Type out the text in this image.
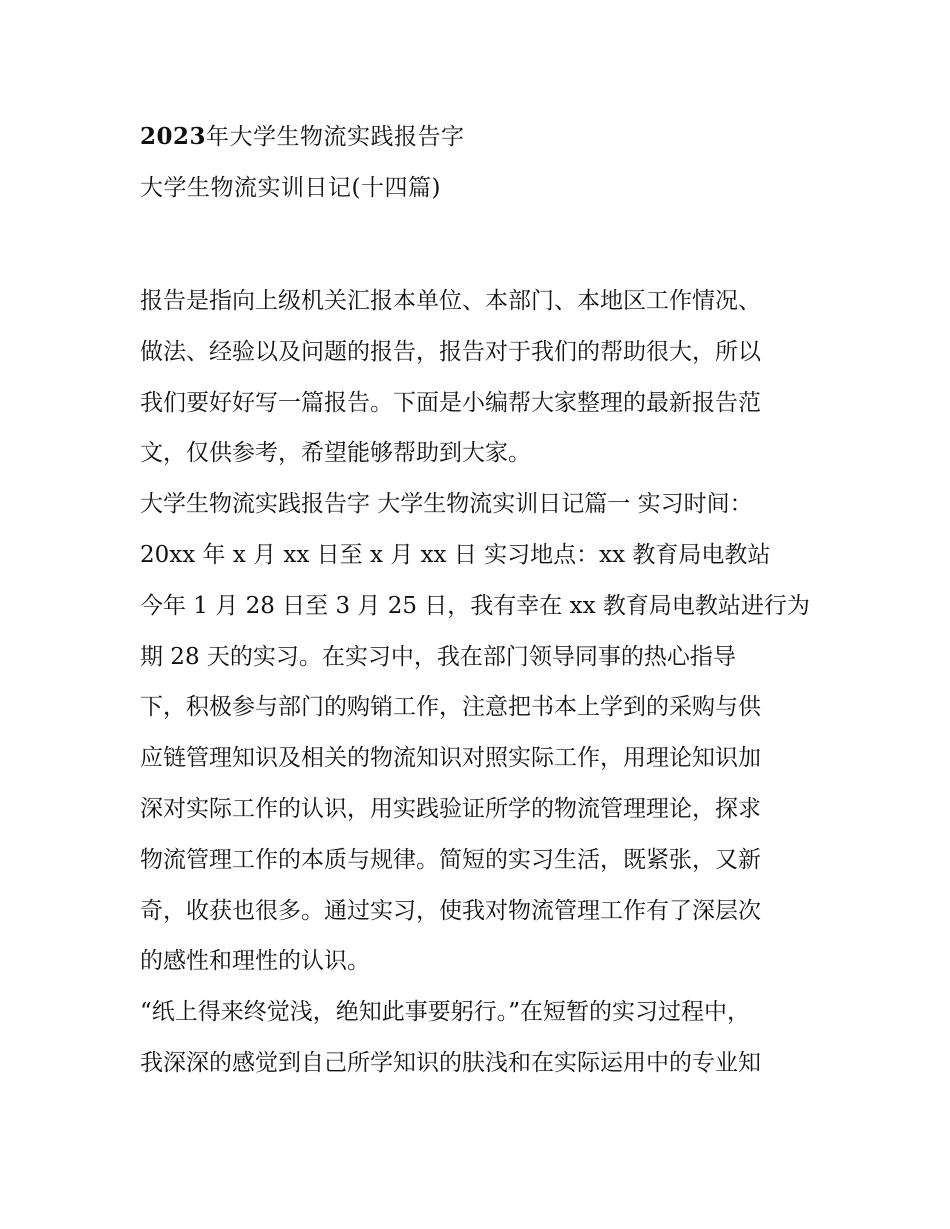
2023年大学生物流实践报告字
大学生物流实训日记(十四篇)
报告是指向上级机关汇报本单位、本部门、本地区工作情况、
做法、经验以及问题的报告，报告对于我们的帮助很大，所以
我们要好好写一篇报告。下面是小编帮大家整理的最新报告范
文，仅供参考，希望能够帮助到大家。
大学生物流实践报告字 大学生物流实训日记篇一 实习时间：
20xx 年 x 月 xx 日至 x 月 xx 日 实习地点：xx 教育局电教站
今年 1 月 28 日至 3 月 25 日，我有幸在 xx 教育局电教站进行为
期 28 天的实习。在实习中，我在部门领导同事的热心指导
下，积极参与部门的购销工作，注意把书本上学到的采购与供
应链管理知识及相关的物流知识对照实际工作，用理论知识加
深对实际工作的认识，用实践验证所学的物流管理理论，探求
物流管理工作的本质与规律。简短的实习生活，既紧张，又新
奇，收获也很多。通过实习，使我对物流管理工作有了深层次
的感性和理性的认识。
“纸上得来终觉浅，绝知此事要躬行。”在短暂的实习过程中，
我深深的感觉到自己所学知识的肤浅和在实际运用中的专业知
